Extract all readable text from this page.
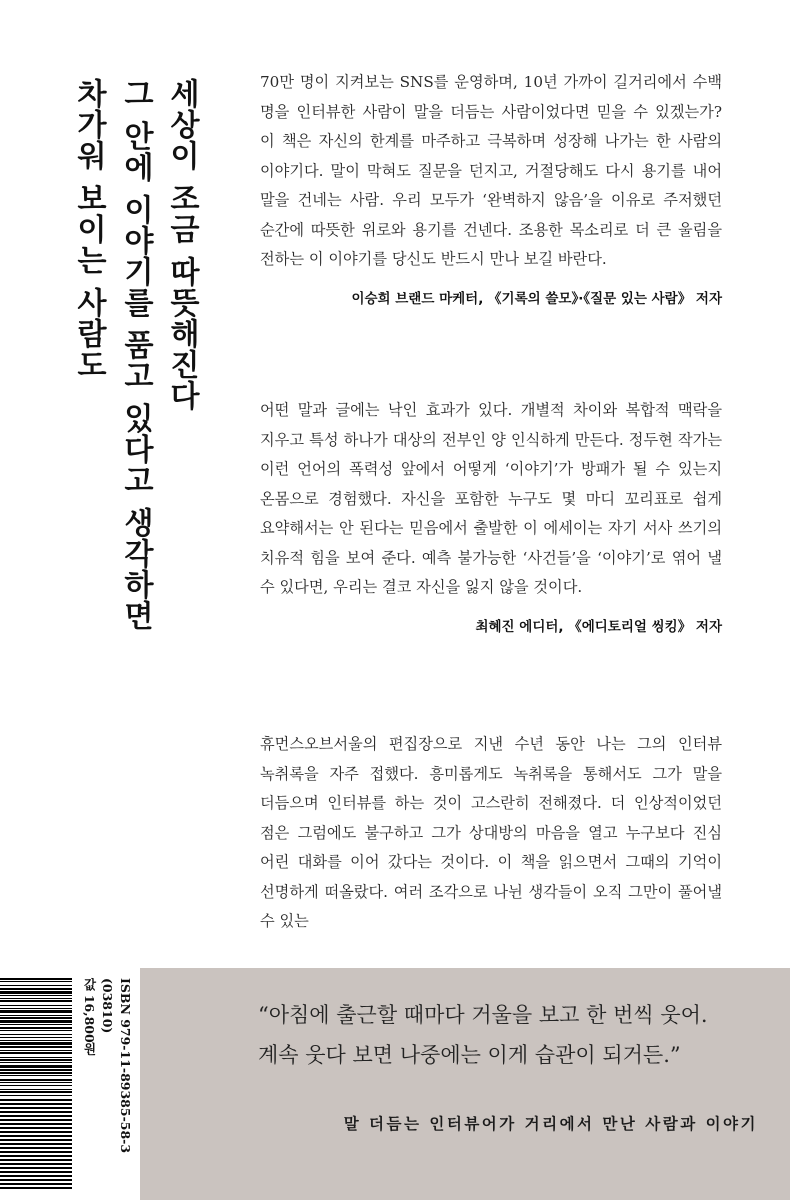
세상이 조금 따뜻해진다
그 안에 이야기를 품고 있다고 생각하면
차가워 보이는 사람도	70만 명이 지켜보는 SNS를 운영하며, 10년 가까이 길거리에서 수백 명을 인터뷰한 사람이 말을 더듬는 사람이었다면 믿을 수 있겠는가? 이 책은 자신의 한계를 마주하고 극복하며 성장해 나가는 한 사람의 이야기다. 말이 막혀도 질문을 던지고, 거절당해도 다시 용기를 내어 말을 건네는 사람. 우리 모두가 ‘완벽하지 않음’을 이유로 주저했던 순간에 따뜻한 위로와 용기를 건넨다. 조용한 목소리로 더 큰 울림을 전하는 이 이야기를 당신도 반드시 만나 보길 바란다.

이승희 브랜드 마케터, 《기록의 쓸모》·《질문 있는 사람》 저자

어떤 말과 글에는 낙인 효과가 있다. 개별적 차이와 복합적 맥락을 지우고 특성 하나가 대상의 전부인 양 인식하게 만든다. 정두현 작가는 이런 언어의 폭력성 앞에서 어떻게 ‘이야기’가 방패가 될 수 있는지 온몸으로 경험했다. 자신을 포함한 누구도 몇 마디 꼬리표로 쉽게 요약해서는 안 된다는 믿음에서 출발한 이 에세이는 자기 서사 쓰기의 치유적 힘을 보여 준다. 예측 불가능한 ‘사건들’을 ‘이야기’로 엮어 낼 수 있다면, 우리는 결코 자신을 잃지 않을 것이다.

최혜진 에디터, 《에디토리얼 씽킹》 저자

휴먼스오브서울의 편집장으로 지낸 수년 동안 나는 그의 인터뷰 녹취록을 자주 접했다. 흥미롭게도 녹취록을 통해서도 그가 말을 더듬으며 인터뷰를 하는 것이 고스란히 전해졌다. 더 인상적이었던 점은 그럼에도 불구하고 그가 상대방의 마음을 열고 누구보다 진심 어린 대화를 이어 갔다는 것이다. 이 책을 읽으면서 그때의 기억이 선명하게 떠올랐다. 여러 조각으로 나뉜 생각들이 오직 그만이 풀어낼 수 있는

ISBN 979-11-89385-58-3 (03810)
값 16,800원	“아침에 출근할 때마다 거울을 보고 한 번씩 웃어.
계속 웃다 보면 나중에는 이게 습관이 되거든.”
말 더듬는 인터뷰어가 거리에서 만난 사람과 이야기
